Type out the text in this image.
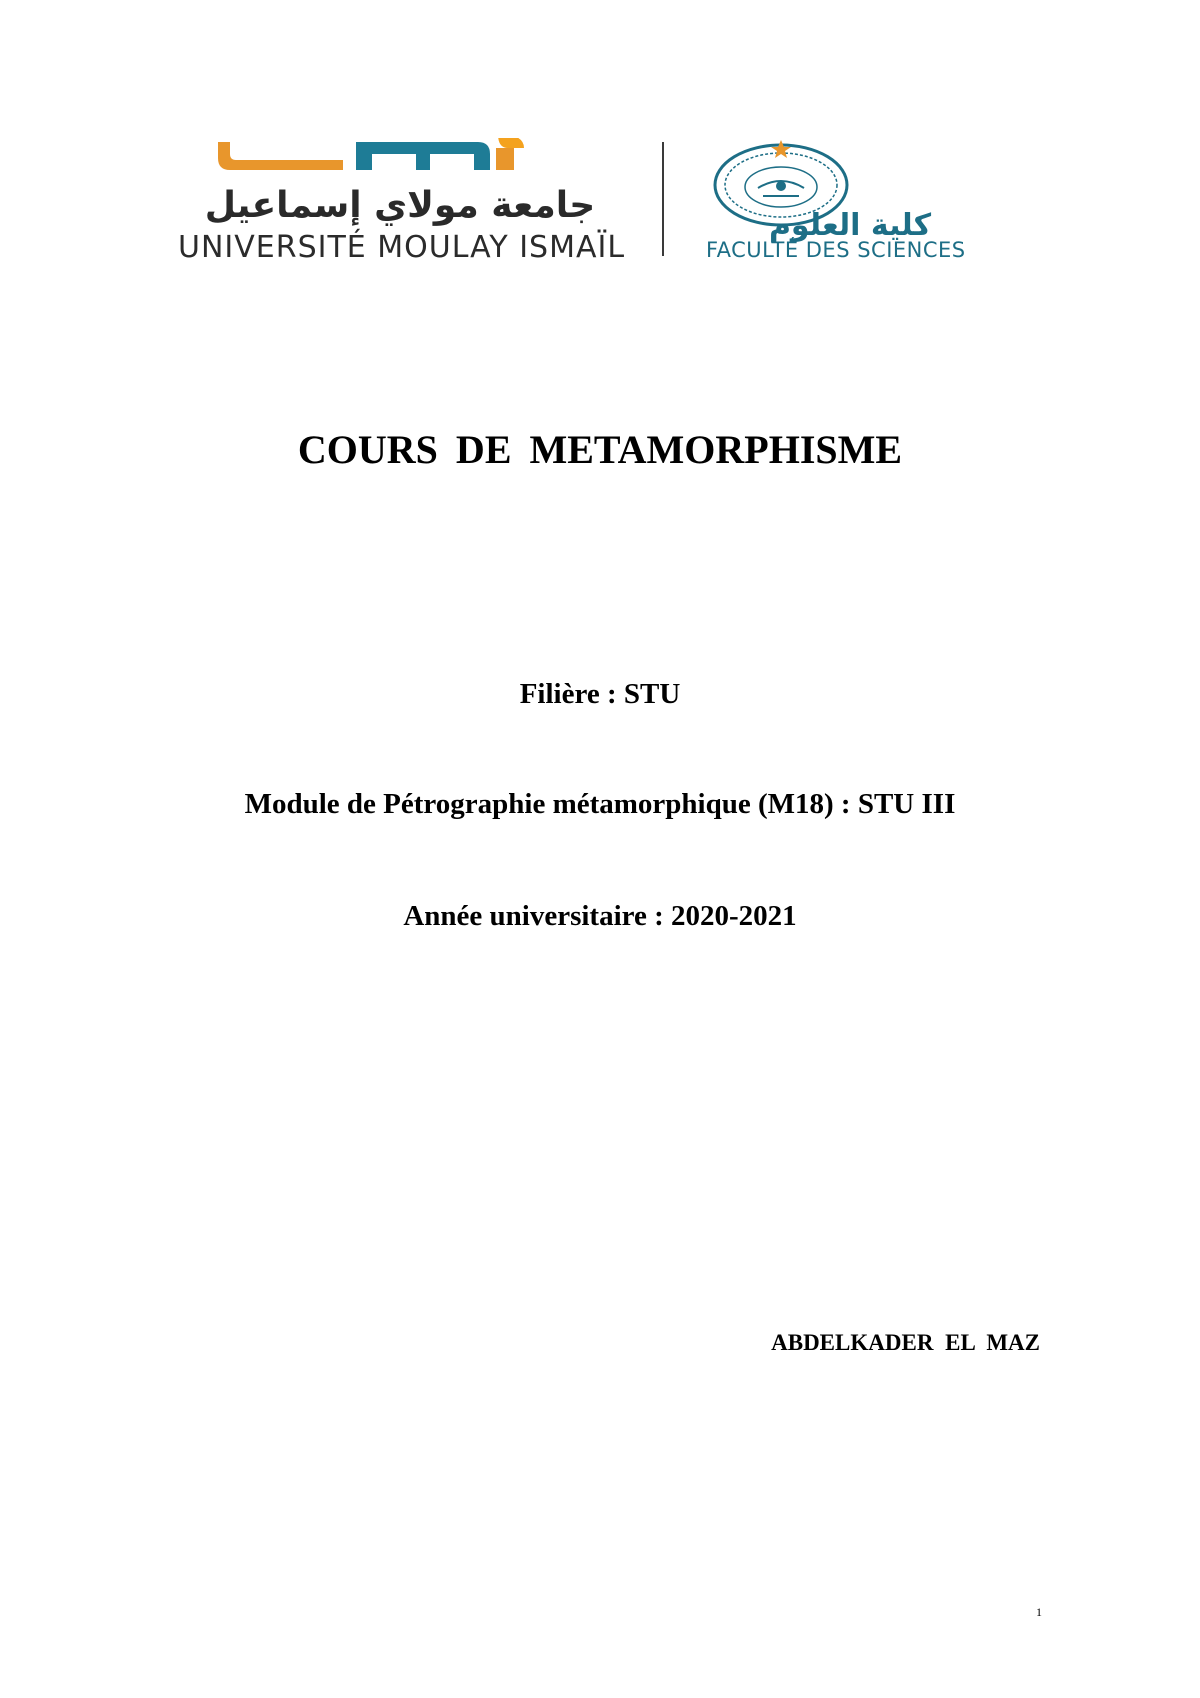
جامعة مولاي إسماعيل
UNIVERSITÉ MOULAY ISMAÏL
كلية العلوم
FACULTÉ DES SCIENCES
COURS DE METAMORPHISME
Filière : STU
Module de Pétrographie métamorphique (M18) : STU III
Année universitaire : 2020-2021
ABDELKADER EL MAZ
1
